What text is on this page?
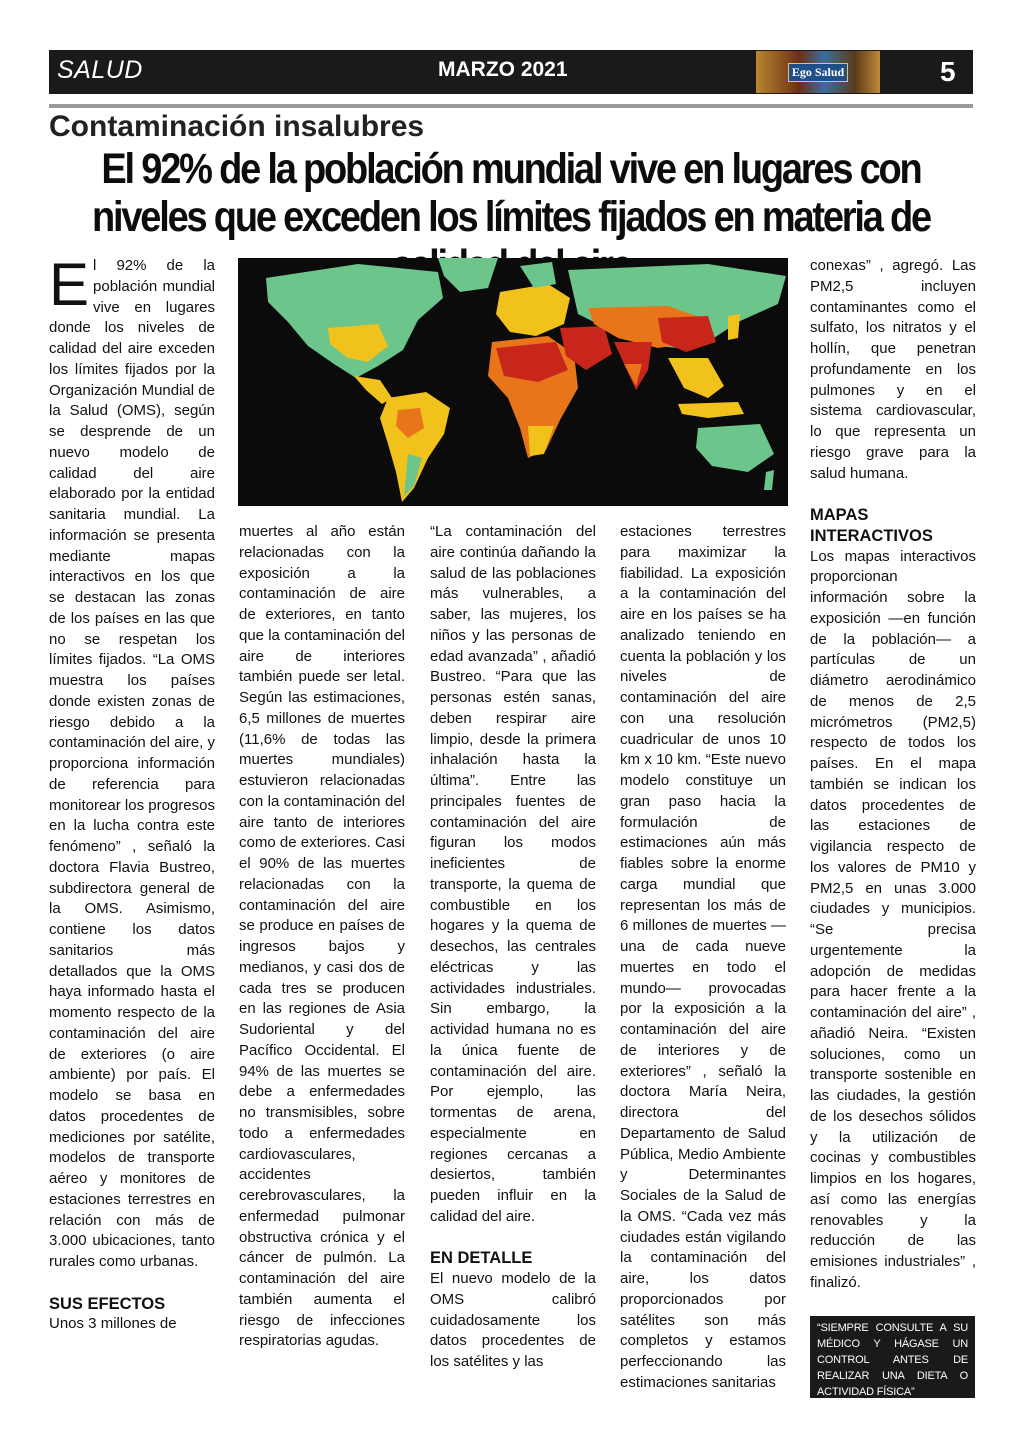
SALUD	MARZO 2021	Ego Salud	5
Contaminación insalubres
El 92% de la población mundial vive en lugares con niveles que exceden los límites fijados en materia de

El 92% de la población mundial vive en lugares donde los niveles de calidad del aire exceden los límites fijados por la Organización Mundial de la Salud (OMS), según se desprende de un nuevo modelo de calidad del aire elaborado por la entidad sanitaria mundial. La información se presenta mediante mapas interactivos en los que se destacan las zonas de los países en las que no se respetan los límites fijados. “La OMS muestra los países donde existen zonas de riesgo debido a la contaminación del aire, y proporciona información de referencia para monitorear los progresos en la lucha contra este fenómeno” , señaló la doctora Flavia Bustreo, subdirectora general de la OMS. Asimismo, contiene los datos sanitarios más detallados que la OMS haya informado hasta el momento respecto de la contaminación del aire de exteriores (o aire ambiente) por país. El modelo se basa en datos procedentes de mediciones por satélite, modelos de transporte aéreo y monitores de estaciones terrestres en relación con más de 3.000 ubicaciones, tanto rurales como urbanas.

SUS EFECTOS

Unos 3 millones de

muertes al año están relacionadas con la exposición a la contaminación de aire de exteriores, en tanto que la contaminación del aire de interiores también puede ser letal. Según las estimaciones, 6,5 millones de muertes (11,6% de todas las muertes mundiales) estuvieron relacionadas con la contaminación del aire tanto de interiores como de exteriores. Casi el 90% de las muertes relacionadas con la contaminación del aire se produce en países de ingresos bajos y medianos, y casi dos de cada tres se producen en las regiones de Asia Sudoriental y del Pacífico Occidental. El 94% de las muertes se debe a enfermedades no transmisibles, sobre todo a enfermedades cardiovasculares, accidentes cerebrovasculares, la enfermedad pulmonar obstructiva crónica y el cáncer de pulmón. La contaminación del aire también aumenta el riesgo de infecciones respiratorias agudas.

“La contaminación del aire continúa dañando la salud de las poblaciones más vulnerables, a saber, las mujeres, los niños y las personas de edad avanzada” , añadió Bustreo. “Para que las personas estén sanas, deben respirar aire limpio, desde la primera inhalación hasta la última”. Entre las principales fuentes de contaminación del aire figuran los modos ineficientes de transporte, la quema de combustible en los hogares y la quema de desechos, las centrales eléctricas y las actividades industriales. Sin embargo, la actividad humana no es la única fuente de contaminación del aire. Por ejemplo, las tormentas de arena, especialmente en regiones cercanas a desiertos, también pueden influir en la calidad del aire.

EN DETALLE

El nuevo modelo de la OMS calibró cuidadosamente los datos procedentes de los satélites y las

estaciones terrestres para maximizar la fiabilidad. La exposición a la contaminación del aire en los países se ha analizado teniendo en cuenta la población y los niveles de contaminación del aire con una resolución cuadricular de unos 10 km x 10 km. “Este nuevo modelo constituye un gran paso hacia la formulación de estimaciones aún más fiables sobre la enorme carga mundial que representan los más de 6 millones de muertes —una de cada nueve muertes en todo el mundo— provocadas por la exposición a la contaminación del aire de interiores y de exteriores” , señaló la doctora María Neira, directora del Departamento de Salud Pública, Medio Ambiente y Determinantes Sociales de la Salud de la OMS. “Cada vez más ciudades están vigilando la contaminación del aire, los datos proporcionados por satélites son más completos y estamos perfeccionando las estimaciones sanitarias

conexas” , agregó. Las PM2,5 incluyen contaminantes como el sulfato, los nitratos y el hollín, que penetran profundamente en los pulmones y en el sistema cardiovascular, lo que representa un riesgo grave para la salud humana.

MAPAS INTERACTIVOS

Los mapas interactivos proporcionan información sobre la exposición —en función de la población— a partículas de un diámetro aerodinámico de menos de 2,5 micrómetros (PM2,5) respecto de todos los países. En el mapa también se indican los datos procedentes de las estaciones de vigilancia respecto de los valores de PM10 y PM2,5 en unas 3.000 ciudades y municipios. “Se precisa urgentemente la adopción de medidas para hacer frente a la contaminación del aire” , añadió Neira. “Existen soluciones, como un transporte sostenible en las ciudades, la gestión de los desechos sólidos y la utilización de cocinas y combustibles limpios en los hogares, así como las energías renovables y la reducción de las emisiones industriales” , finalizó.

“SIEMPRE CONSULTE A SU MÉDICO Y HÁGASE UN CONTROL ANTES DE REALIZAR UNA DIETA O ACTIVIDAD FÍSICA”
